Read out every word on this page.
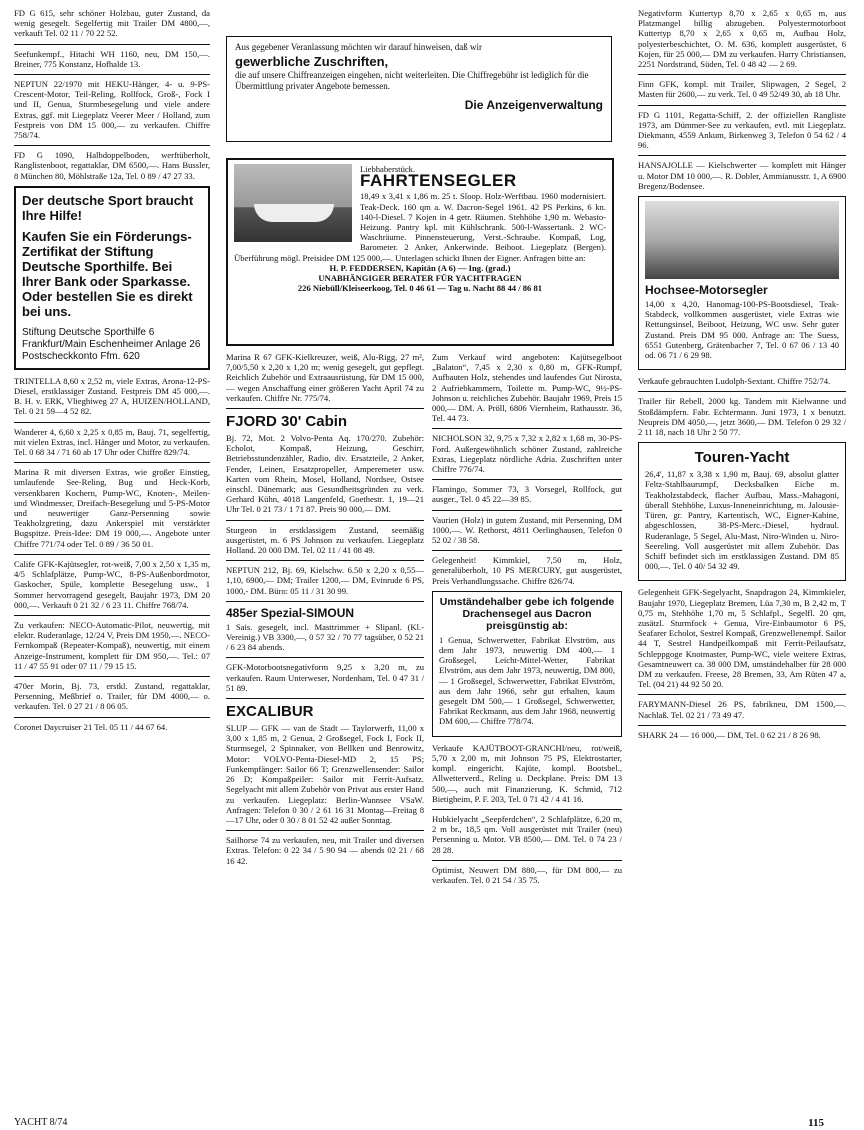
Aus gegebener Veranlassung möchten wir darauf hinweisen, daß wir
gewerbliche Zuschriften,
die auf unsere Chiffreanzeigen eingehen, nicht weiterleiten. Die Chiffregebühr ist lediglich für die Übermittlung privater Angebote bemessen.
Die Anzeigenverwaltung
Liebhaberstück.
FAHRTENSEGLER
18,49 x 3,41 x 1,86 m. 25 t. Sloop. Holz-Werftbau. 1960 modernisiert. Teak-Deck. 160 qm a. W. Dacron-Segel 1961. 42 PS Perkins, 6 kn. 140-l-Diesel. 7 Kojen in 4 getr. Räumen. Stehhöhe 1,90 m. Webasto-Heizung. Pantry kpl. mit Kühlschrank. 500-l-Wassertank. 2 WC-Waschräume. Pinnensteuerung, Verst.-Schraube. Kompaß, Log, Barometer. 2 Anker, Ankerwinde. Beiboot. Liegeplatz (Bergen). Überführung mögl. Preisidee DM 125 000,—. Unterlagen schickt Ihnen der Eigner. Anfragen bitte an:
H. P. FEDDERSEN, Kapitän (A 6) — Ing. (grad.)
UNABHÄNGIGER BERATER FÜR YACHTFRAGEN
226 Niebüll/Kleiseerkoog, Tel. 0 46 61 — Tag u. Nacht 88 44 / 86 81
FD G 615, sehr schöner Holzbau, guter Zustand, da wenig gesegelt. Segelfertig mit Trailer DM 4800,—, verkauft Tel. 02 11 / 70 22 52.
Seefunkempf., Hitachi WH 1160, neu, DM 150,—. Breiner, 775 Konstanz, Hofhalde 13.
NEPTUN 22/1970 mit HEKU-Hänger, 4- u. 9-PS-Crescent-Motor, Teil-Reling, Rollfock, Groß-, Fock I und II, Genua, Sturmbesegelung und viele andere Extras, ggf. mit Liegeplatz Veerer Meer / Holland, zum Festpreis von DM 15 000,— zu verkaufen. Chiffre 758/74.
FD G 1090, Halbdoppelboden, werftüberholt, Ranglistenboot, regattaklar, DM 6500,—. Hans Bussler, 8 München 80, Möhlstraße 12a, Tel. 0 89 / 47 27 33.
Der deutsche Sport braucht Ihre Hilfe!
Kaufen Sie ein Förderungs-Zertifikat der Stiftung Deutsche Sporthilfe. Bei Ihrer Bank oder Sparkasse. Oder bestellen Sie es direkt bei uns.
Stiftung Deutsche Sporthilfe 6 Frankfurt/Main Eschenheimer Anlage 26 Postscheckkonto Ffm. 620
TRINTELLA 8,60 x 2,52 m, viele Extras, Arona-12-PS-Diesel, erstklassiger Zustand. Festpreis DM 45 000,—. B. H. v. ERK, Vlieghiweg 27 A, HUIZEN/HOLLAND, Tel. 0 21 59—4 52 82.
Wanderer 4, 6,60 x 2,25 x 0,85 m, Bauj. 71, segelfertig, mit vielen Extras, incl. Hänger und Motor, zu verkaufen. Tel. 0 68 34 / 71 60 ab 17 Uhr oder Chiffre 829/74.
Marina R mit diversen Extras, wie großer Einstieg, umlaufende See-Reling, Bug und Heck-Korb, versenkbaren Kochern, Pump-WC, Knoten-, Meilen- und Windmesser, Dreifach-Besegelung und 5-PS-Motor und neuwertiger Ganz-Persenning sowie Teakholzgreting, dazu Ankerspiel mit verstärkter Bugspitze. Preis-Idee: DM 19 000,—. Angebote unter Chiffre 771/74 oder Tel. 0 89 / 36 50 01.
Calife GFK-Kajütsegler, rot-weiß, 7,00 x 2,50 x 1,35 m, 4/5 Schlafplätze, Pump-WC, 8-PS-Außenbordmotor, Gaskocher, Spüle, komplette Besegelung usw., 1 Sommer hervorragend gesegelt, Baujahr 1973, DM 20 000,—. Verkauft 0 21 32 / 6 23 11. Chiffre 768/74.
Zu verkaufen: NECO-Automatic-Pilot, neuwertig, mit elektr. Ruderanlage, 12/24 V, Preis DM 1950,—. NECO-Fernkompaß (Repeater-Kompaß), neuwertig, mit einem Anzeige-Instrument, komplett für DM 950,—. Tel.: 07 11 / 47 55 91 oder 07 11 / 79 15 15.
470er Morin, Bj. 73, erstkl. Zustand, regattaklar, Persenning, Meßbrief o. Trailer, für DM 4000,— o. verkaufen. Tel. 0 27 21 / 8 06 05.
Coronet Daycruiser 21 Tel. 05 11 / 44 67 64.
Marina R 67 GFK-Kielkreuzer, weiß, Alu-Rigg, 27 m², 7,00/5,50 x 2,20 x 1,20 m; wenig gesegelt, gut gepflegt. Reichlich Zubehör und Extraausrüstung, für DM 15 000,— wegen Anschaffung einer größeren Yacht April 74 zu verkaufen. Chiffre Nr. 775/74.
FJORD 30' Cabin
Bj. 72, Mot. 2 Volvo-Penta Aq. 170/270. Zubehör: Echolot, Kompaß, Heizung, Geschirr, Betriebsstundenzähler, Radio, div. Ersatzteile, 2 Anker, Fender, Leinen, Ersatzpropeller, Amperemeter usw. Karten vom Rhein, Mosel, Holland, Nordsee, Ostsee einschl. Dänemark; aus Gesundheitsgründen zu verk. Gerhard Kühn, 4018 Langenfeld, Goethestr. 1, 19—21 Uhr Tel. 0 21 73 / 1 71 87. Preis 90 000,— DM.
Sturgeon in erstklassigem Zustand, seemäßig ausgerüstet, m. 6 PS Johnson zu verkaufen. Liegeplatz Holland. 20 000 DM. Tel. 02 11 / 41 08 49.
NEPTUN 212, Bj. 69, Kielschw. 6.50 x 2,20 x 0,55—1,10, 6900,— DM; Trailer 1200,— DM, Evinrude 6 PS, 1000,- DM. Büro: 05 11 / 31 30 99.
485er Spezial-SIMOUN
1 Sais. gesegelt, incl. Masttrimmer + Slipanl. (Kl.-Vereinig.) VB 3300,—, 0 57 32 / 70 77 tagsüber, 0 52 21 / 6 23 84 abends.
GFK-Motorbootsnegativform 9,25 x 3,20 m, zu verkaufen. Raum Unterweser, Nordenham, Tel. 0 47 31 / 51 89.
EXCALIBUR
SLUP — GFK — van de Stadt — Taylorwerft, 11,00 x 3,00 x 1,85 m, 2 Genua, 2 Großsegel, Fock I, Fock II, Sturmsegel, 2 Spinnaker, von Bellken und Benrowitz, Motor: VOLVO-Penta-Diesel-MD 2, 15 PS; Funkempfänger: Sailor 66 T; Grenzwellensender: Sailor 26 D; Kompaßpeiler: Sailor mit Ferrit-Aufsatz. Segelyacht mit allem Zubehör von Privat aus erster Hand zu verkaufen. Liegeplatz: Berlin-Wannsee VSaW. Anfragen: Telefon 0 30 / 2 61 16 31 Montag—Freitag 8—17 Uhr, oder 0 30 / 8 01 52 42 außer Sonntag.
Sailhorse 74 zu verkaufen, neu, mit Trailer und diversen Extras. Telefon: 0 22 34 / 5 90 94 — abends 02 21 / 68 16 42.
Zum Verkauf wird angeboten: Kajütsegelboot „Balaton“, 7,45 x 2,30 x 0,80 m, GFK-Rumpf, Aufbauten Holz, stehendes und laufendes Gut Nirosta, 2 Aufriebkammern, Toilette m. Pump-WC, 9½-PS-Johnson u. reichliches Zubehör. Baujahr 1969, Preis 15 000,— DM. A. Pröll, 6806 Viernheim, Rathausstr. 36, Tel. 44 73.
NICHOLSON 32, 9,75 x 7,32 x 2,82 x 1,68 m, 30-PS-Ford. Außergewöhnlich schöner Zustand, zahlreiche Extras, Liegeplatz nördliche Adria. Zuschriften unter Chiffre 776/74.
Flamingo, Sommer 73, 3 Vorsegel, Rollfock, gut ausger., Tel. 0 45 22—39 85.
Vaurien (Holz) in gutem Zustand, mit Persenning, DM 1000,—. W. Rethorst, 4811 Oerlinghausen, Telefon 0 52 02 / 38 58.
Gelegenheit! Kimmkiel, 7,50 m, Holz, generalüberholt, 10 PS MERCURY, gut ausgerüstet, Preis Verhandlungssache. Chiffre 826/74.
Umständehalber gebe ich folgende Drachensegel aus Dacron preisgünstig ab:
1 Genua, Schwerwetter, Fabrikat Elvström, aus dem Jahr 1973, neuwertig DM 400,— 1 Großsegel, Leicht-Mittel-Wetter, Fabrikat Elvström, aus dem Jahr 1973, neuwertig, DM 800,— 1 Großsegel, Schwerwetter, Fabrikat Elvström, aus dem Jahr 1966, sehr gut erhalten, kaum gesegelt DM 500,— 1 Großsegel, Schwerwetter, Fabrikat Reckmann, aus dem Jahr 1968, neuwertig DM 600,— Chiffre 778/74.
Verkaufe KAJÜTBOOT-GRANCHI/neu, rot/weiß, 5,70 x 2,00 m, mit Johnson 75 PS, Elektrostarter, kompl. eingericht. Kajüte, kompl. Bootsbel., Allwetterverd., Reling u. Deckplane. Preis: DM 13 500,—, auch mit Finanzierung. K. Schmid, 712 Bietigheim, P. F. 203, Tel. 0 71 42 / 4 41 16.
Hubkielyacht „Seepferdchen“, 2 Schlafplätze, 6,20 m, 2 m br., 18,5 qm. Voll ausgerüstet mit Trailer (neu) Persenning u. Motor. VB 8500,— DM. Tel. 0 74 23 / 28 28.
Optimist, Neuwert DM 880,—, für DM 800,— zu verkaufen. Tel. 0 21 54 / 35 75.
Negativform Kuttertyp 8,70 x 2,65 x 0,65 m, aus Platzmangel billig abzugeben. Polyestermotorboot Kuttertyp 8,70 x 2,65 x 0,65 m, Aufbau Holz, polyesterbeschichtet, O. M. 636, komplett ausgerüstet, 6 Kojen, für 25 000,— DM zu verkaufen. Harry Christiansen, 2251 Nordstrand, Süden, Tel. 0 48 42 — 2 69.
Finn GFK, kompl. mit Trailer, Slipwagen, 2 Segel, 2 Masten für 2600,— zu verk. Tel. 0 49 52/49 30, ab 18 Uhr.
FD G 1101, Regatta-Schiff, 2. der offiziellen Rangliste 1973, am Dümmer-See zu verkaufen, evtl. mit Liegeplatz. Diekmann, 4559 Ankum, Birkenweg 3, Telefon 0 54 62 / 4 96.
HANSAJOLLE — Kielschwerter — komplett mit Hänger u. Motor DM 10 000,—. R. Dobler, Ammianusstr. 1, A 6900 Bregenz/Bodensee.
Hochsee-Motorsegler
14,00 x 4,20, Hanomag-100-PS-Bootsdiesel, Teak-Stabdeck, vollkommen ausgerüstet, viele Extras wie Rettungsinsel, Beiboot, Heizung, WC usw. Sehr guter Zustand. Preis DM 95 000. Anfrage an: The Suess, 6551 Gutenberg, Grätenbacher 7, Tel. 0 67 06 / 13 40 od. 06 71 / 6 29 98.
Verkaufe gebrauchten Ludolph-Sextant. Chiffre 752/74.
Trailer für Rebell, 2000 kg. Tandem mit Kielwanne und Stoßdämpfern. Fabr. Echtermann. Juni 1973, 1 x benutzt. Neupreis DM 4050,—, jetzt 3600,— DM. Telefon 0 29 32 / 2 11 18, nach 18 Uhr 2 50 77.
Touren-Yacht
26,4', 11,87 x 3,38 x 1,90 m, Bauj. 69, absolut glatter Feltz-Stahlbaurumpf, Decksbalken Eiche m. Teakholzstabdeck, flacher Aufbau, Mass.-Mahagoni, überall Stehhöhe, Luxus-Inneneinrichtung, m. Jalousie-Türen, gr. Pantry, Kartentisch, WC, Eigner-Kabine, abgeschlossen, 38-PS-Merc.-Diesel, hydraul. Ruderanlage, 5 Segel, Alu-Mast, Niro-Winden u. Niro-Seereling. Voll ausgerüstet mit allem Zubehör. Das Schiff befindet sich im erstklassigen Zustand. DM 85 000,—. Tel. 0 40/ 54 32 49.
Gelegenheit GFK-Segelyacht, Snapdragon 24, Kimmkieler, Baujahr 1970, Liegeplatz Bremen, Lüa 7,30 m, B 2,42 m, T 0,75 m, Stehhöhe 1,70 m, 5 Schlafpl., Segelfl. 20 qm, zusätzl. Sturmfock + Genua, Vire-Einbaumotor 6 PS, Seafarer Echolot, Sestrel Kompaß, Grenzwellenempf. Sailor 44 T, Sestrel Handpeilkompaß mit Ferrit-Peilaufsatz, Schleppgoge Knotmaster, Pump-WC, viele weitere Extras, Gesamtneuwert ca. 38 000 DM, umständehalber für 28 000 DM zu verkaufen. Freese, 28 Bremen, 33, Am Rüten 47 a, Tel. (04 21) 44 92 50 20.
FARYMANN-Diesel 26 PS, fabrikneu, DM 1500,—. Nachlaß. Tel. 02 21 / 73 49 47.
SHARK 24 — 16 000,— DM, Tel. 0 62 21 / 8 26 98.
YACHT 8/74	115
